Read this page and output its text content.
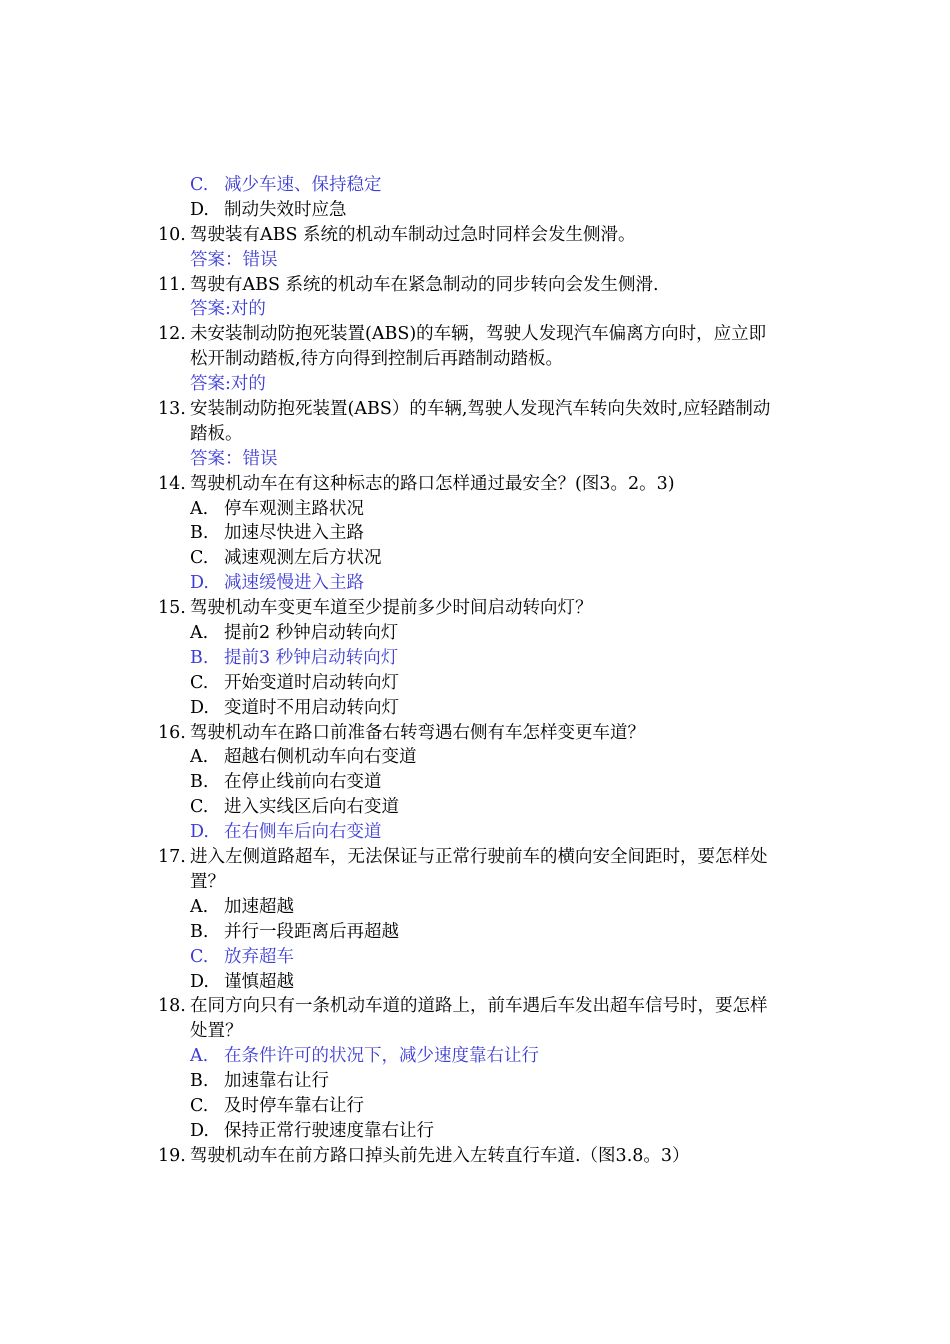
C. 减少车速、保持稳定
D. 制动失效时应急
10. 驾驶装有ABS 系统的机动车制动过急时同样会发生侧滑。
答案：错误
11. 驾驶有ABS 系统的机动车在紧急制动的同步转向会发生侧滑.
答案:对的
12. 未安装制动防抱死装置(ABS)的车辆，驾驶人发现汽车偏离方向时，应立即
松开制动踏板,待方向得到控制后再踏制动踏板。
答案:对的
13. 安装制动防抱死装置(ABS）的车辆,驾驶人发现汽车转向失效时,应轻踏制动
踏板。
答案：错误
14. 驾驶机动车在有这种标志的路口怎样通过最安全？(图3。2。3)
A. 停车观测主路状况
B. 加速尽快进入主路
C. 减速观测左后方状况
D. 减速缓慢进入主路
15. 驾驶机动车变更车道至少提前多少时间启动转向灯？
A. 提前2 秒钟启动转向灯
B. 提前3 秒钟启动转向灯
C. 开始变道时启动转向灯
D. 变道时不用启动转向灯
16. 驾驶机动车在路口前准备右转弯遇右侧有车怎样变更车道？
A. 超越右侧机动车向右变道
B. 在停止线前向右变道
C. 进入实线区后向右变道
D. 在右侧车后向右变道
17. 进入左侧道路超车，无法保证与正常行驶前车的横向安全间距时，要怎样处
置？
A. 加速超越
B. 并行一段距离后再超越
C. 放弃超车
D. 谨慎超越
18. 在同方向只有一条机动车道的道路上，前车遇后车发出超车信号时，要怎样
处置？
A. 在条件许可的状况下，减少速度靠右让行
B. 加速靠右让行
C. 及时停车靠右让行
D. 保持正常行驶速度靠右让行
19. 驾驶机动车在前方路口掉头前先进入左转直行车道.（图3.8。3）
